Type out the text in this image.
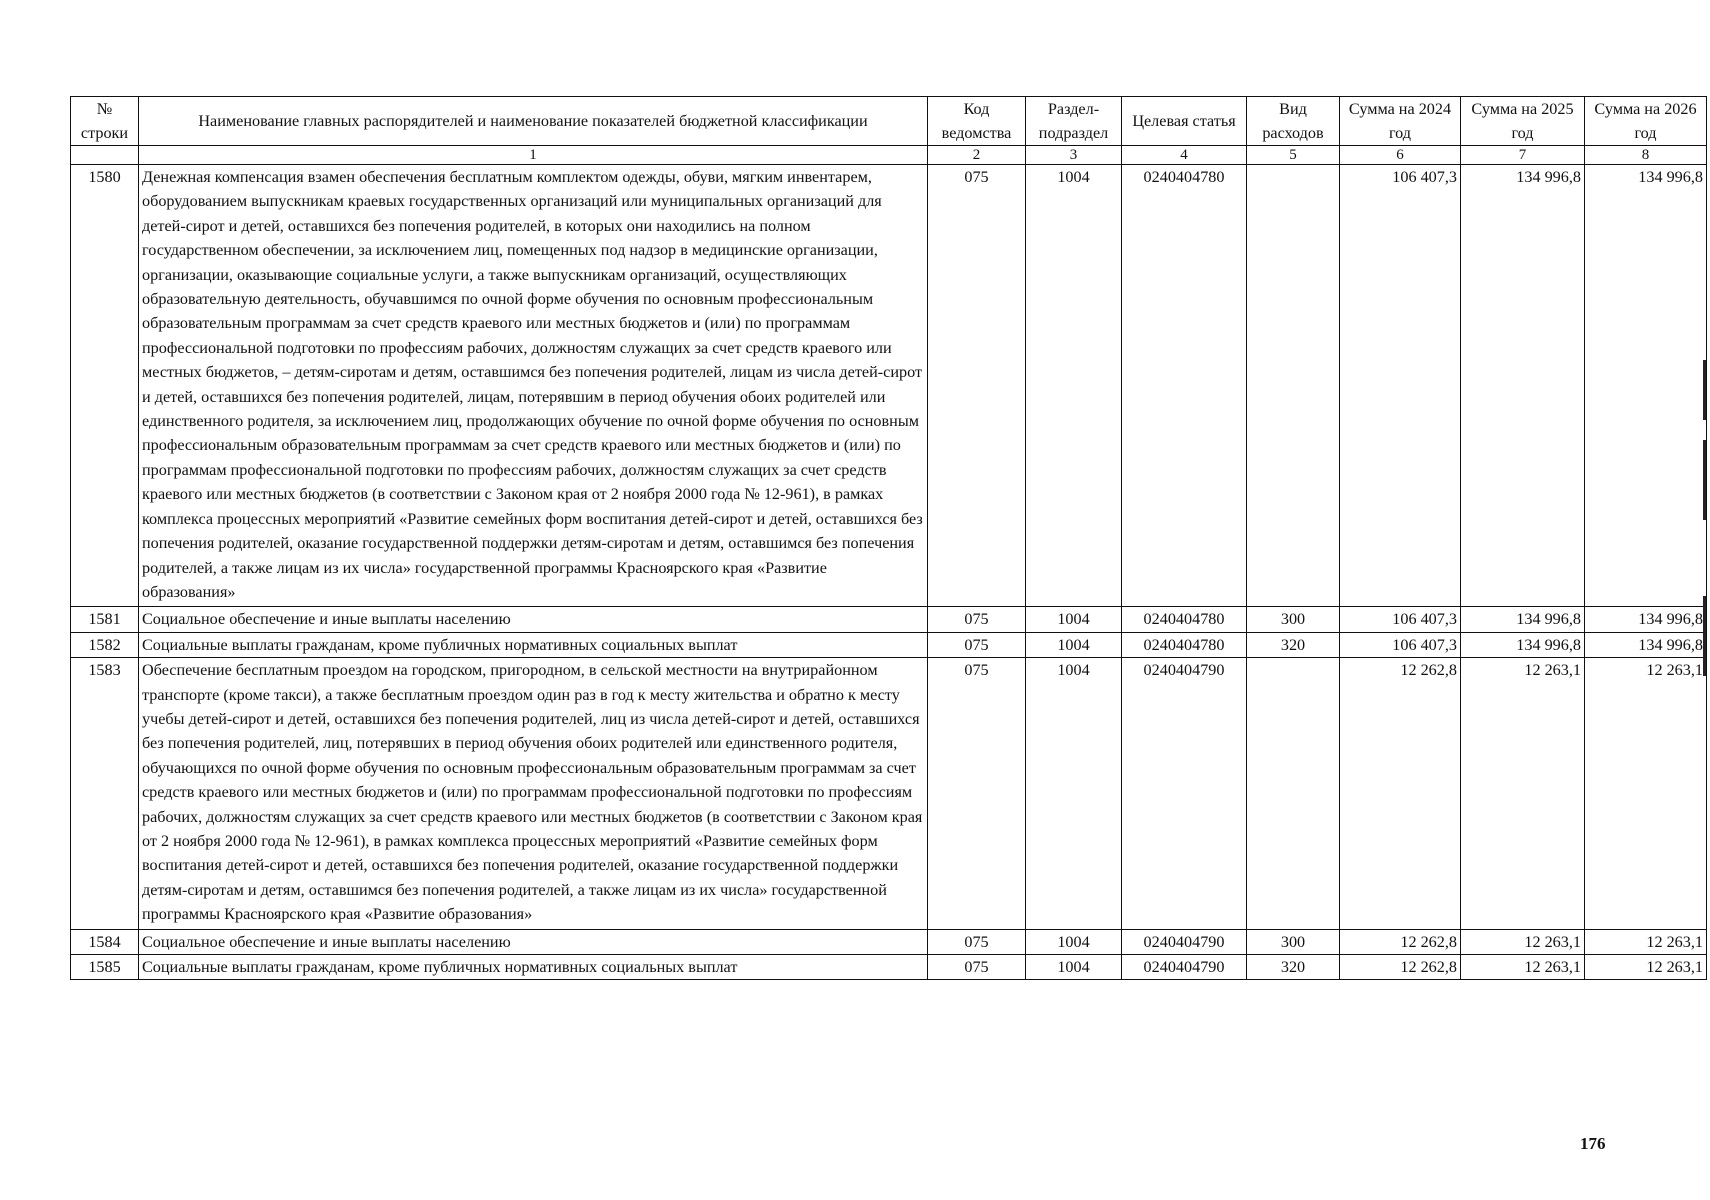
№ строки	Наименование главных распорядителей и наименование показателей бюджетной классификации	Код ведомства	Раздел-подраздел	Целевая статья	Вид расходов	Сумма на 2024 год	Сумма на 2025 год	Сумма на 2026 год
	1	2	3	4	5	6	7	8
1580	Денежная компенсация взамен обеспечения бесплатным комплектом одежды, обуви, мягким инвентарем, оборудованием выпускникам краевых государственных организаций или муниципальных организаций для детей-сирот и детей, оставшихся без попечения родителей, в которых они находились на полном государственном обеспечении, за исключением лиц, помещенных под надзор в медицинские организации, организации, оказывающие социальные услуги, а также выпускникам организаций, осуществляющих образовательную деятельность, обучавшимся по очной форме обучения по основным профессиональным образовательным программам за счет средств краевого или местных бюджетов и (или) по программам профессиональной подготовки по профессиям рабочих, должностям служащих за счет средств краевого или местных бюджетов, – детям-сиротам и детям, оставшимся без попечения родителей, лицам из числа детей-сирот и детей, оставшихся без попечения родителей, лицам, потерявшим в период обучения обоих родителей или единственного родителя, за исключением лиц, продолжающих обучение по очной форме обучения по основным профессиональным образовательным программам за счет средств краевого или местных бюджетов и (или) по программам профессиональной подготовки по профессиям рабочих, должностям служащих за счет средств краевого или местных бюджетов (в соответствии с Законом края от 2 ноября 2000 года № 12-961), в рамках комплекса процессных мероприятий «Развитие семейных форм воспитания детей-сирот и детей, оставшихся без попечения родителей, оказание государственной поддержки детям-сиротам и детям, оставшимся без попечения родителей, а также лицам из их числа» государственной программы Красноярского края «Развитие образования»	075	1004	0240404780		106 407,3	134 996,8	134 996,8
1581	Социальное обеспечение и иные выплаты населению	075	1004	0240404780	300	106 407,3	134 996,8	134 996,8
1582	Социальные выплаты гражданам, кроме публичных нормативных социальных выплат	075	1004	0240404780	320	106 407,3	134 996,8	134 996,8
1583	Обеспечение бесплатным проездом на городском, пригородном, в сельской местности на внутрирайонном транспорте (кроме такси), а также бесплатным проездом один раз в год к месту жительства и обратно к месту учебы детей-сирот и детей, оставшихся без попечения родителей, лиц из числа детей-сирот и детей, оставшихся без попечения родителей, лиц, потерявших в период обучения обоих родителей или единственного родителя, обучающихся по очной форме обучения по основным профессиональным образовательным программам за счет средств краевого или местных бюджетов и (или) по программам профессиональной подготовки по профессиям рабочих, должностям служащих за счет средств краевого или местных бюджетов (в соответствии с Законом края от 2 ноября 2000 года № 12-961), в рамках комплекса процессных мероприятий «Развитие семейных форм воспитания детей-сирот и детей, оставшихся без попечения родителей, оказание государственной поддержки детям-сиротам и детям, оставшимся без попечения родителей, а также лицам из их числа» государственной программы Красноярского края «Развитие образования»	075	1004	0240404790		12 262,8	12 263,1	12 263,1
1584	Социальное обеспечение и иные выплаты населению	075	1004	0240404790	300	12 262,8	12 263,1	12 263,1
1585	Социальные выплаты гражданам, кроме публичных нормативных социальных выплат	075	1004	0240404790	320	12 262,8	12 263,1	12 263,1
176
